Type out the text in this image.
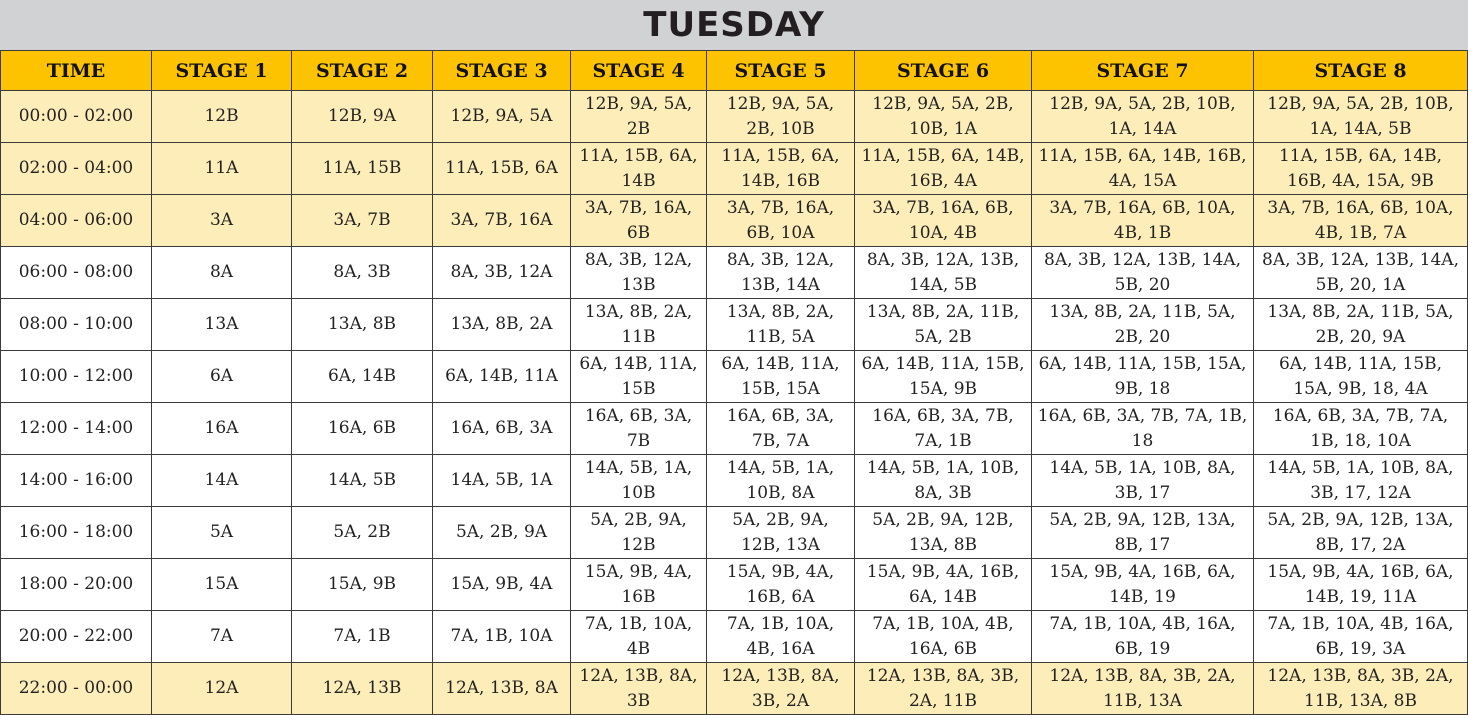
TUESDAY
TIME	STAGE 1	STAGE 2	STAGE 3	STAGE 4	STAGE 5	STAGE 6	STAGE 7	STAGE 8
00:00 - 02:00	12B	12B, 9A	12B, 9A, 5A	12B, 9A, 5A, 2B	12B, 9A, 5A, 2B, 10B	12B, 9A, 5A, 2B, 10B, 1A	12B, 9A, 5A, 2B, 10B, 1A, 14A	12B, 9A, 5A, 2B, 10B, 1A, 14A, 5B
02:00 - 04:00	11A	11A, 15B	11A, 15B, 6A	11A, 15B, 6A, 14B	11A, 15B, 6A, 14B, 16B	11A, 15B, 6A, 14B, 16B, 4A	11A, 15B, 6A, 14B, 16B, 4A, 15A	11A, 15B, 6A, 14B, 16B, 4A, 15A, 9B
04:00 - 06:00	3A	3A, 7B	3A, 7B, 16A	3A, 7B, 16A, 6B	3A, 7B, 16A, 6B, 10A	3A, 7B, 16A, 6B, 10A, 4B	3A, 7B, 16A, 6B, 10A, 4B, 1B	3A, 7B, 16A, 6B, 10A, 4B, 1B, 7A
06:00 - 08:00	8A	8A, 3B	8A, 3B, 12A	8A, 3B, 12A, 13B	8A, 3B, 12A, 13B, 14A	8A, 3B, 12A, 13B, 14A, 5B	8A, 3B, 12A, 13B, 14A, 5B, 20	8A, 3B, 12A, 13B, 14A, 5B, 20, 1A
08:00 - 10:00	13A	13A, 8B	13A, 8B, 2A	13A, 8B, 2A, 11B	13A, 8B, 2A, 11B, 5A	13A, 8B, 2A, 11B, 5A, 2B	13A, 8B, 2A, 11B, 5A, 2B, 20	13A, 8B, 2A, 11B, 5A, 2B, 20, 9A
10:00 - 12:00	6A	6A, 14B	6A, 14B, 11A	6A, 14B, 11A, 15B	6A, 14B, 11A, 15B, 15A	6A, 14B, 11A, 15B, 15A, 9B	6A, 14B, 11A, 15B, 15A, 9B, 18	6A, 14B, 11A, 15B, 15A, 9B, 18, 4A
12:00 - 14:00	16A	16A, 6B	16A, 6B, 3A	16A, 6B, 3A, 7B	16A, 6B, 3A, 7B, 7A	16A, 6B, 3A, 7B, 7A, 1B	16A, 6B, 3A, 7B, 7A, 1B, 18	16A, 6B, 3A, 7B, 7A, 1B, 18, 10A
14:00 - 16:00	14A	14A, 5B	14A, 5B, 1A	14A, 5B, 1A, 10B	14A, 5B, 1A, 10B, 8A	14A, 5B, 1A, 10B, 8A, 3B	14A, 5B, 1A, 10B, 8A, 3B, 17	14A, 5B, 1A, 10B, 8A, 3B, 17, 12A
16:00 - 18:00	5A	5A, 2B	5A, 2B, 9A	5A, 2B, 9A, 12B	5A, 2B, 9A, 12B, 13A	5A, 2B, 9A, 12B, 13A, 8B	5A, 2B, 9A, 12B, 13A, 8B, 17	5A, 2B, 9A, 12B, 13A, 8B, 17, 2A
18:00 - 20:00	15A	15A, 9B	15A, 9B, 4A	15A, 9B, 4A, 16B	15A, 9B, 4A, 16B, 6A	15A, 9B, 4A, 16B, 6A, 14B	15A, 9B, 4A, 16B, 6A, 14B, 19	15A, 9B, 4A, 16B, 6A, 14B, 19, 11A
20:00 - 22:00	7A	7A, 1B	7A, 1B, 10A	7A, 1B, 10A, 4B	7A, 1B, 10A, 4B, 16A	7A, 1B, 10A, 4B, 16A, 6B	7A, 1B, 10A, 4B, 16A, 6B, 19	7A, 1B, 10A, 4B, 16A, 6B, 19, 3A
22:00 - 00:00	12A	12A, 13B	12A, 13B, 8A	12A, 13B, 8A, 3B	12A, 13B, 8A, 3B, 2A	12A, 13B, 8A, 3B, 2A, 11B	12A, 13B, 8A, 3B, 2A, 11B, 13A	12A, 13B, 8A, 3B, 2A, 11B, 13A, 8B
